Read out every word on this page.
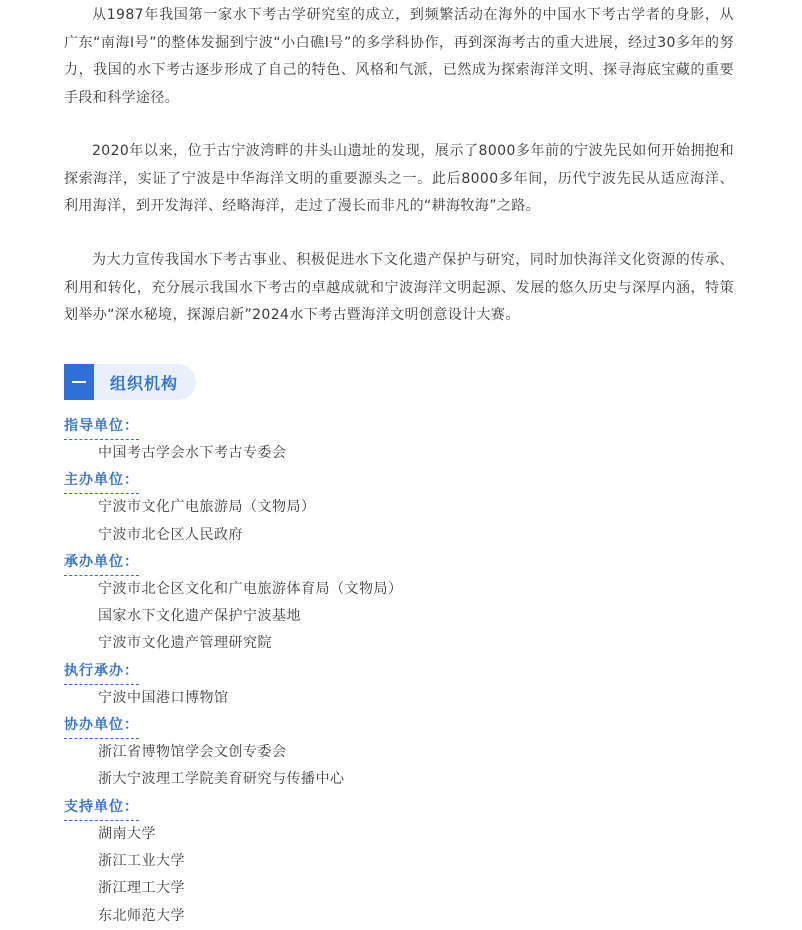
从1987年我国第一家水下考古学研究室的成立，到频繁活动在海外的中国水下考古学者的身影，从广东“南海I号”的整体发掘到宁波“小白礁I号”的多学科协作，再到深海考古的重大进展，经过30多年的努力，我国的水下考古逐步形成了自己的特色、风格和气派，已然成为探索海洋文明、探寻海底宝藏的重要手段和科学途径。

2020年以来，位于古宁波湾畔的井头山遗址的发现，展示了8000多年前的宁波先民如何开始拥抱和探索海洋，实证了宁波是中华海洋文明的重要源头之一。此后8000多年间，历代宁波先民从适应海洋、利用海洋，到开发海洋、经略海洋，走过了漫长而非凡的“耕海牧海”之路。

为大力宣传我国水下考古事业、积极促进水下文化遗产保护与研究，同时加快海洋文化资源的传承、利用和转化，充分展示我国水下考古的卓越成就和宁波海洋文明起源、发展的悠久历史与深厚内涵，特策划举办“深水秘境，探源启新”2024水下考古暨海洋文明创意设计大赛。

组织机构
指导单位：
中国考古学会水下考古专委会
主办单位：
宁波市文化广电旅游局（文物局）
宁波市北仑区人民政府
承办单位：
宁波市北仑区文化和广电旅游体育局（文物局）
国家水下文化遗产保护宁波基地
宁波市文化遗产管理研究院
执行承办：
宁波中国港口博物馆
协办单位：
浙江省博物馆学会文创专委会
浙大宁波理工学院美育研究与传播中心
支持单位：
湖南大学
浙江工业大学
浙江理工大学
东北师范大学
